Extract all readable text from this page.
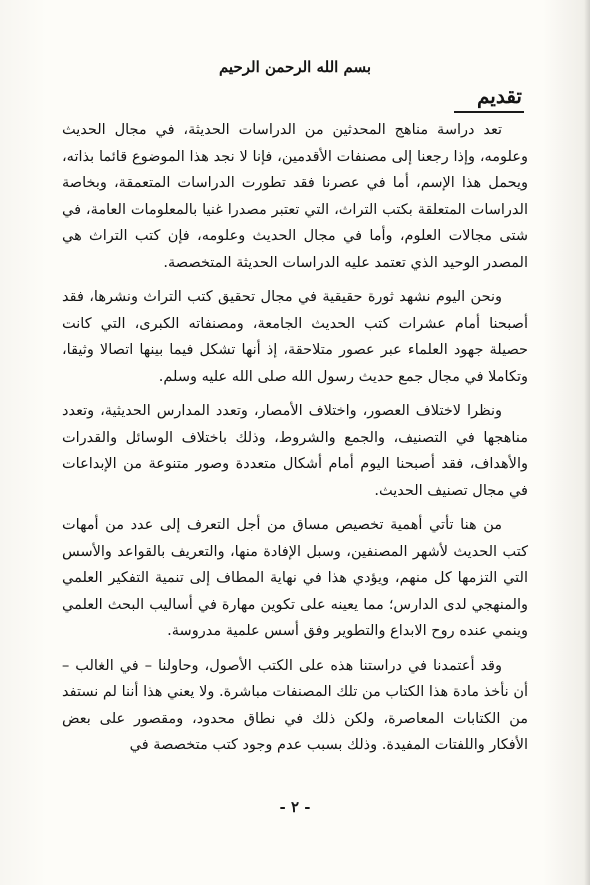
بسم الله الرحمن الرحيم
تقديم

تعد دراسة مناهج المحدثين من الدراسات الحديثة، في مجال الحديث وعلومه، وإذا رجعنا إلى مصنفات الأقدمين، فإنا لا نجد هذا الموضوع قائما بذاته، ويحمل هذا الإسم، أما في عصرنا فقد تطورت الدراسات المتعمقة، وبخاصة الدراسات المتعلقة بكتب التراث، التي تعتبر مصدرا غنيا بالمعلومات العامة، في شتى مجالات العلوم، وأما في مجال الحديث وعلومه، فإن كتب التراث هي المصدر الوحيد الذي تعتمد عليه الدراسات الحديثة المتخصصة.

ونحن اليوم نشهد ثورة حقيقية في مجال تحقيق كتب التراث ونشرها، فقد أصبحنا أمام عشرات كتب الحديث الجامعة، ومصنفاته الكبرى، التي كانت حصيلة جهود العلماء عبر عصور متلاحقة، إذ أنها تشكل فيما بينها اتصالا وثيقا، وتكاملا في مجال جمع حديث رسول الله صلى الله عليه وسلم.

ونظرا لاختلاف العصور، واختلاف الأمصار، وتعدد المدارس الحديثية، وتعدد مناهجها في التصنيف، والجمع والشروط، وذلك باختلاف الوسائل والقدرات والأهداف، فقد أصبحنا اليوم أمام أشكال متعددة وصور متنوعة من الإبداعات في مجال تصنيف الحديث.

من هنا تأتي أهمية تخصيص مساق من أجل التعرف إلى عدد من أمهات كتب الحديث لأشهر المصنفين، وسبل الإفادة منها، والتعريف بالقواعد والأسس التي التزمها كل منهم، ويؤدي هذا في نهاية المطاف إلى تنمية التفكير العلمي والمنهجي لدى الدارس؛ مما يعينه على تكوين مهارة في أساليب البحث العلمي وينمي عنده روح الابداع والتطوير وفق أسس علمية مدروسة.

وقد أعتمدنا في دراستنا هذه على الكتب الأصول، وحاولنا – في الغالب – أن نأخذ مادة هذا الكتاب من تلك المصنفات مباشرة. ولا يعني هذا أننا لم نستفد من الكتابات المعاصرة، ولكن ذلك في نطاق محدود، ومقصور على بعض الأفكار واللفتات المفيدة. وذلك بسبب عدم وجود كتب متخصصة في

- ٢ -
